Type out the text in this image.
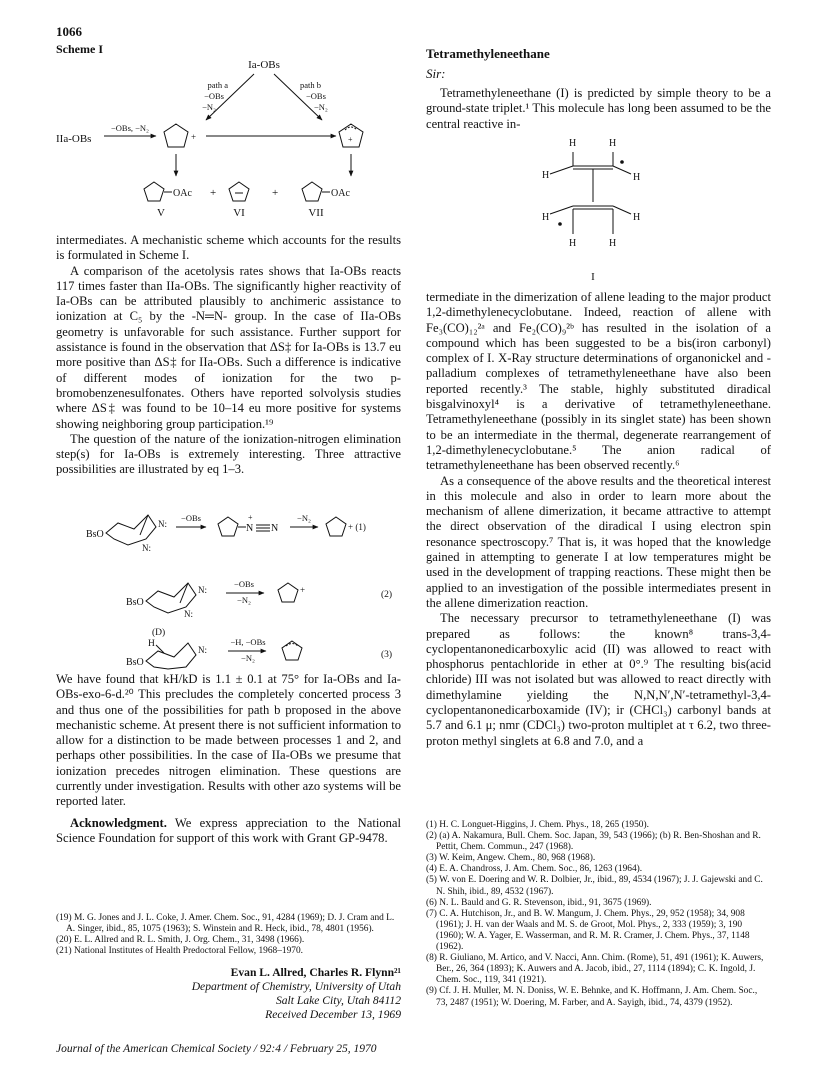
1066
Scheme I
Ia-OBs
path a
−OBs
−N₂
path b
−OBs
−N₂
IIa-OBs
−OBs, −N₂
+	+
OAc +	+	OAc
V	VI	VII

intermediates. A mechanistic scheme which accounts for the results is formulated in Scheme I.

A comparison of the acetolysis rates shows that Ia-OBs reacts 117 times faster than IIa-OBs. The significantly higher reactivity of Ia-OBs can be attributed plausibly to anchimeric assistance to ionization at C₅ by the -N═N- group. In the case of IIa-OBs geometry is unfavorable for such assistance. Further support for assistance is found in the observation that ΔS‡ for Ia-OBs is 13.7 eu more positive than ΔS‡ for IIa-OBs. Such a difference is indicative of different modes of ionization for the two p-bromobenzenesulfonates. Others have reported solvolysis studies where ΔS‡ was found to be 10–14 eu more positive for systems showing neighboring group participation.¹⁹

The question of the nature of the ionization-nitrogen elimination step(s) for Ia-OBs is extremely interesting. Three attractive possibilities are illustrated by eq 1–3.

BsO
N:
N:
−OBs
N
+
N
−N₂
+ (1)
BsO
N:
N:
−OBs
−N₂
+	(2)
(D)
H
BsO
N:
−H, −OBs
−N₂	(3)

We have found that kH/kD is 1.1 ± 0.1 at 75° for Ia-OBs and Ia-OBs-exo-6-d.²⁰ This precludes the completely concerted process 3 and thus one of the possibilities for path b proposed in the above mechanistic scheme. At present there is not sufficient information to allow for a distinction to be made between processes 1 and 2, and perhaps other possibilities. In the case of IIa-OBs we presume that ionization precedes nitrogen elimination. These questions are currently under investigation. Results with other azo systems will be reported later.

Acknowledgment. We express appreciation to the National Science Foundation for support of this work with Grant GP-9478.

(19) M. G. Jones and J. L. Coke, J. Amer. Chem. Soc., 91, 4284 (1969); D. J. Cram and L. A. Singer, ibid., 85, 1075 (1963); S. Winstein and R. Heck, ibid., 78, 4801 (1956).
(20) E. L. Allred and R. L. Smith, J. Org. Chem., 31, 3498 (1966).
(21) National Institutes of Health Predoctoral Fellow, 1968–1970.
Evan L. Allred, Charles R. Flynn²¹
Department of Chemistry, University of Utah
Salt Lake City, Utah 84112
Received December 13, 1969
Tetramethyleneethane
Sir:

Tetramethyleneethane (I) is predicted by simple theory to be a ground-state triplet.¹ This molecule has long been assumed to be the central reactive in-

H	H
H	H
H	H
H	H
I

termediate in the dimerization of allene leading to the major product 1,2-dimethylenecyclobutane. Indeed, reaction of allene with Fe₃(CO)₁₂²ᵃ and Fe₂(CO)₉²ᵇ has resulted in the isolation of a compound which has been suggested to be a bis(iron carbonyl) complex of I. X-Ray structure determinations of organonickel and -palladium complexes of tetramethyleneethane have also been reported recently.³ The stable, highly substituted diradical bisgalvinoxyl⁴ is a derivative of tetramethyleneethane. Tetramethyleneethane (possibly in its singlet state) has been shown to be an intermediate in the thermal, degenerate rearrangement of 1,2-dimethylenecyclobutane.⁵ The anion radical of tetramethyleneethane has been observed recently.⁶

As a consequence of the above results and the theoretical interest in this molecule and also in order to learn more about the mechanism of allene dimerization, it became attractive to attempt the direct observation of the diradical I using electron spin resonance spectroscopy.⁷ That is, it was hoped that the knowledge gained in attempting to generate I at low temperatures might be used in the development of trapping reactions. These might then be applied to an investigation of the possible intermediates present in the allene dimerization reaction.

The necessary precursor to tetramethyleneethane (I) was prepared as follows: the known⁸ trans-3,4-cyclopentanonedicarboxylic acid (II) was allowed to react with phosphorus pentachloride in ether at 0°.⁹ The resulting bis(acid chloride) III was not isolated but was allowed to react directly with dimethylamine yielding the N,N,N′,N′-tetramethyl-3,4-cyclopentanonedicarboxamide (IV); ir (CHCl₃) carbonyl bands at 5.7 and 6.1 μ; nmr (CDCl₃) two-proton multiplet at τ 6.2, two three-proton methyl singlets at 6.8 and 7.0, and a

(1) H. C. Longuet-Higgins, J. Chem. Phys., 18, 265 (1950).
(2) (a) A. Nakamura, Bull. Chem. Soc. Japan, 39, 543 (1966); (b) R. Ben-Shoshan and R. Pettit, Chem. Commun., 247 (1968).
(3) W. Keim, Angew. Chem., 80, 968 (1968).
(4) E. A. Chandross, J. Am. Chem. Soc., 86, 1263 (1964).
(5) W. von E. Doering and W. R. Dolbier, Jr., ibid., 89, 4534 (1967); J. J. Gajewski and C. N. Shih, ibid., 89, 4532 (1967).
(6) N. L. Bauld and G. R. Stevenson, ibid., 91, 3675 (1969).
(7) C. A. Hutchison, Jr., and B. W. Mangum, J. Chem. Phys., 29, 952 (1958); 34, 908 (1961); J. H. van der Waals and M. S. de Groot, Mol. Phys., 2, 333 (1959); 3, 190 (1960); W. A. Yager, E. Wasserman, and R. M. R. Cramer, J. Chem. Phys., 37, 1148 (1962).
(8) R. Giuliano, M. Artico, and V. Nacci, Ann. Chim. (Rome), 51, 491 (1961); K. Auwers, Ber., 26, 364 (1893); K. Auwers and A. Jacob, ibid., 27, 1114 (1894); C. K. Ingold, J. Chem. Soc., 119, 341 (1921).
(9) Cf. J. H. Muller, M. N. Doniss, W. E. Behnke, and K. Hoffmann, J. Am. Chem. Soc., 73, 2487 (1951); W. Doering, M. Farber, and A. Sayigh, ibid., 74, 4379 (1952).
Journal of the American Chemical Society / 92:4 / February 25, 1970
